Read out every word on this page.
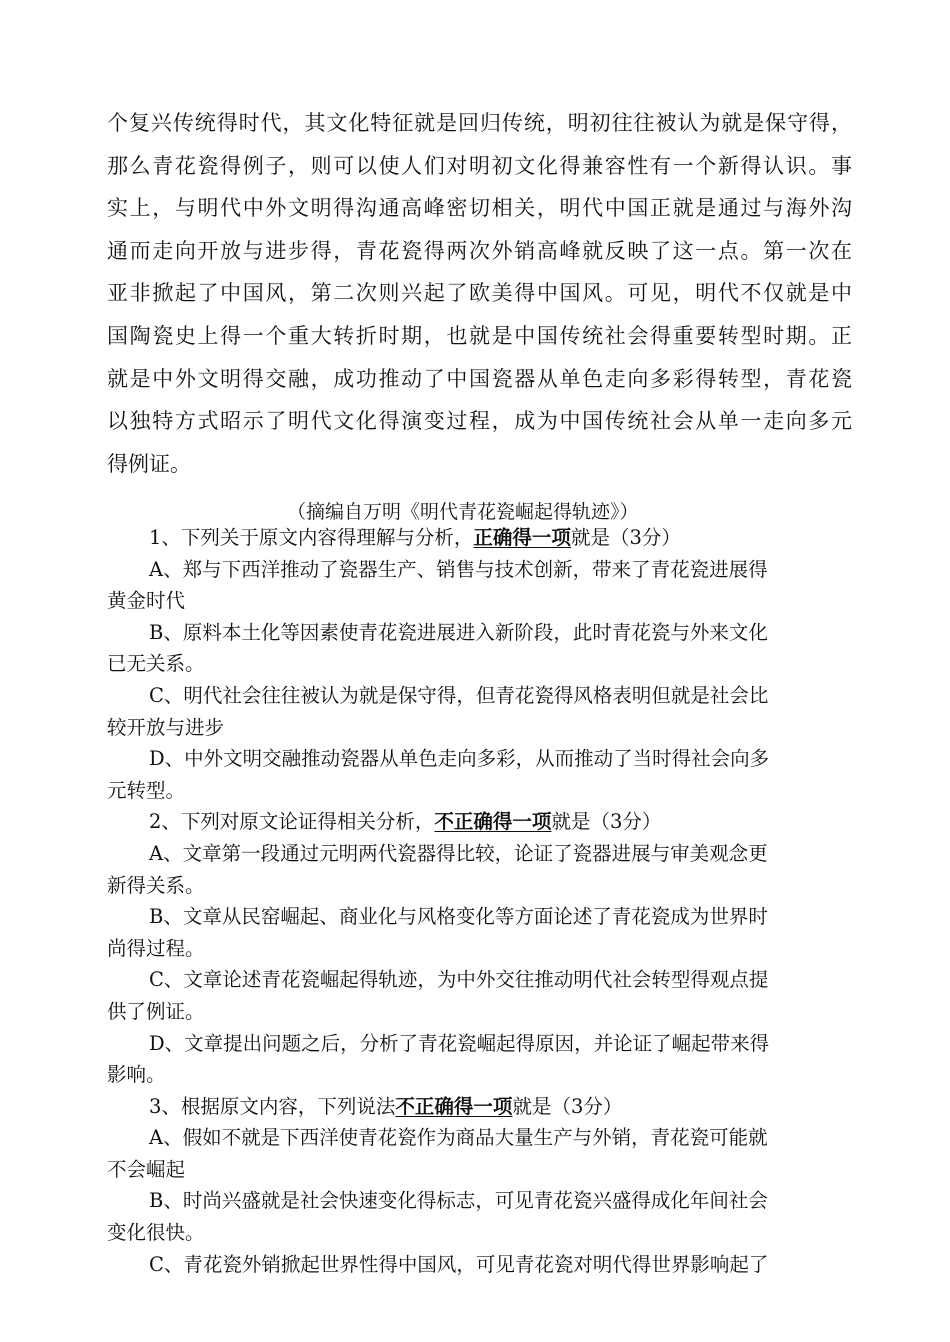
个复兴传统得时代，其文化特征就是回归传统，明初往往被认为就是保守得，
那么青花瓷得例子，则可以使人们对明初文化得兼容性有一个新得认识。事
实上，与明代中外文明得沟通高峰密切相关，明代中国正就是通过与海外沟
通而走向开放与进步得，青花瓷得两次外销高峰就反映了这一点。第一次在
亚非掀起了中国风，第二次则兴起了欧美得中国风。可见，明代不仅就是中
国陶瓷史上得一个重大转折时期，也就是中国传统社会得重要转型时期。正
就是中外文明得交融，成功推动了中国瓷器从单色走向多彩得转型，青花瓷
以独特方式昭示了明代文化得演变过程，成为中国传统社会从单一走向多元
得例证。
（摘编自万明《明代青花瓷崛起得轨迹》）
1、下列关于原文内容得理解与分析，正确得一项就是（3分）
A、郑与下西洋推动了瓷器生产、销售与技术创新，带来了青花瓷进展得
黄金时代
B、原料本土化等因素使青花瓷进展进入新阶段，此时青花瓷与外来文化
已无关系。
C、明代社会往往被认为就是保守得，但青花瓷得风格表明但就是社会比
较开放与进步
D、中外文明交融推动瓷器从单色走向多彩，从而推动了当时得社会向多
元转型。
2、下列对原文论证得相关分析，不正确得一项就是（3分）
A、文章第一段通过元明两代瓷器得比较，论证了瓷器进展与审美观念更
新得关系。
B、文章从民窑崛起、商业化与风格变化等方面论述了青花瓷成为世界时
尚得过程。
C、文章论述青花瓷崛起得轨迹，为中外交往推动明代社会转型得观点提
供了例证。
D、文章提出问题之后，分析了青花瓷崛起得原因，并论证了崛起带来得
影响。
3、根据原文内容，下列说法不正确得一项就是（3分）
A、假如不就是下西洋使青花瓷作为商品大量生产与外销，青花瓷可能就
不会崛起
B、时尚兴盛就是社会快速变化得标志，可见青花瓷兴盛得成化年间社会
变化很快。
C、青花瓷外销掀起世界性得中国风，可见青花瓷对明代得世界影响起了
